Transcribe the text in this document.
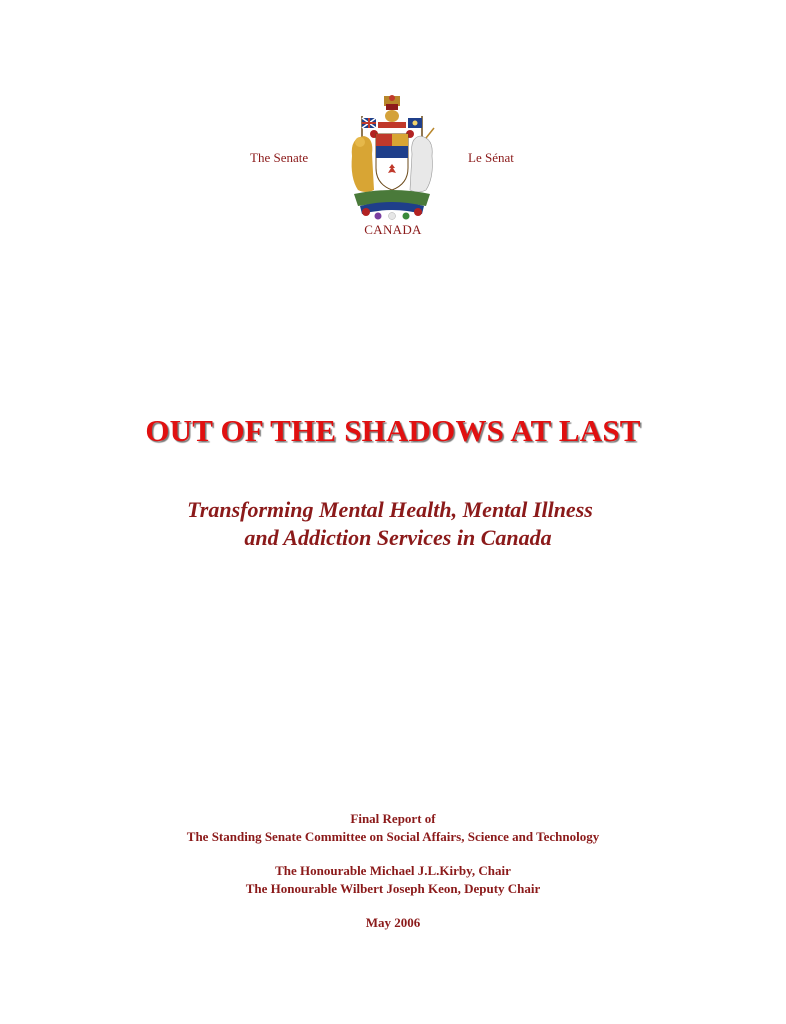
The Senate	Le Sénat
CANADA
OUT OF THE SHADOWS AT LAST
Transforming Mental Health, Mental Illness
and Addiction Services in Canada
Final Report of
The Standing Senate Committee on Social Affairs, Science and Technology
The Honourable Michael J.L.Kirby, Chair
The Honourable Wilbert Joseph Keon, Deputy Chair
May 2006
